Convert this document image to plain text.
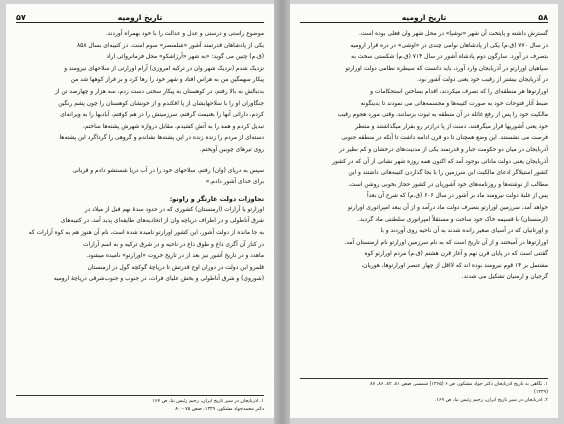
۵۸
تاریخ ارومیه
گسترش داشته و پایتخت آن شهر «توشپا» در محل شهر وان فعلی بوده است.
در سال ۷۷۰ (ق.م) یکی از پادشاهان نوامی چندی در «اوشی» در دره قرار ارومیه
بتصرف در آورد. سارگون دوم پادشاه آشور در سال ۷۱۴ (ق.م) شکستی سخت به
سپاهیان اورارتو در آذربایجان وارد آورد، باید دانست که سیطره نظامی دولت اورارتو
در آذربایجان بیشتر از رقیب خود یعنی دولت آشور بود.
اورارتوها هر منطقه‌ای را که تصرف میکردند، اقدام بساختن استحکامات و
ضبط آثار فتوحات خود به صورت کتیبه‌ها و مجسمه‌هائی می نمودند تا بدینگونه
مالکیت خود را پس از رفع غائله در آن منطقه به ثبوت برسانند، وقتی مورد هجوم رقیب
خود یعنی آشوریها قرار میگرفتند، دست از پا درازتر رو بفرار میگذاشتند و منتظر
فرصت می نشستند. این وضع همچنان تا دو قرن ادامه داشت تا آنکه در منطقه جنوبی
آذربایجان در میان دو حکومت جبار و قدرتمند یکی از مدنیت‌های درخشان و کم نظیر در
آذربایجان یعنی دولت مانائی بوجود آمد که اکنون همه روزه شهر نشانی از آن که در کشور
کشور استیلاگر ادعای مالکیت این سرزمین را با بجا گذاردن کتیبه‌هائی داشتند و این
مطالب از نوشته‌ها و روزنامه‌های خود آشوریان در کشور حجاز بخوبی روشن است.
پس از غلبهٔ دولت نیرومند ماد بر آشور در سال ۶۰۶ (ق.م) که شرح آن بعداً
خواهد آمد، سرزمین اورارتو بتصرف دولت ماد درآمد و از آن ببعد امپراتوری اورارتو
(ارمنستان) با قسیمه خاک خود ساخت و مستقلاً امپراتوری سلطنتی ماد گردید.
و اورتانیان که در آسیای صغیر رانده شدند به آن ناحیه روی آوردند و با
اورارتوها در آمیختند و از آن تاریخ است که به نام سرزمین اورارتو نام ارمنستان آمد.
گفتنی است که در پایان قرن نهم و آغاز قرن هشتم (ق.م) مردم اورارتو کوه
مشتمل بر ۱۴ قوم نیرومند بوده اند که لااقل از چهار عنصر اورارتوها، هوریان،
گرجیان و ارمنیان تشکیل می شدند.
۱. نگاهی به تاریخ آذربایجان دکتر جواد مشکور، ص ۶ (۱۳۶۵) شمسی صص ۸۱، ۸۲، ۸۶، ۸۷
(۱۳۴۹)
۲. آذربایجان در سیر تاریخ ایران، رحیم رئیس نیا، ص ۱۶۹.
تاریخ ارومیه
۵۷
موضوع راستی و درستی و عدل و عدالت را با خود بهمراه آوردند.
یکی از پادشاهان قدرتمند آشور «شلمنصر» سوم است. در کتیبه‌ای بسال ۸۵۸
(ق.م) چنین می گوید: «به شهر «آرزاشکو» محل فرمانروائی اراد
نزدیک شدم (نزدیک شهر وان در ترکیه امروزی) آرام اورارتی از سلاحهای نیرومند و
پیکار سهمگین من به هراس افتاد و شهر خود را رها کرد و بر فراز کوهها شد من
بدنبالش به بالا رفتم، در کوهستان به پیکار سختی دست زدم، سه هزار و چهارصد تن از
جنگاوران او را با سلاحهایشان از پا افکندم و از خونشان کوهستان را چون پشم رنگین
کردم، دارائی آنها را بغنیمت گرفتم، سرزمینش را در هم کوفتم، آبادیها را به ویرانه‌ای
تبدیل کردم و همه را به آتش کشیدم، مقابل دروازه شهرش پشته‌ها ساختم،
دسته‌ای از مردم را زنده زنده در این پشته‌ها نشاندم و گروهی را گرداگرد این پشته‌ها
روی تیرهای چوبین آویختم.
سپس به دریای (وان) رفتم، سلاحهای خود را در آب دریا شستشو دادم و قربانی
برای خدای آشور دادم.»
تجاوزات دولت غارتگر و زاوتو:
اورارتو یا آرارات (ارمنستان) کشوری که در حدود سدهٔ نهم قبل از میلاد در
شرق آناطولی و در اطراف دریاچه وان از اتحادیه‌های طایفه‌ای پدید آمد، در کتیبه‌های
به جا مانده از دولت آشور، این کشور اورارتو نامیده شده است، نام آن هنوز هم به کوه آرارات که
در کنار آن آگری داغ و طوق داغ در ناحیه و در شرق ترکیه و به اسم آرارات
ماهدد و در تاریخ آشور نیز بعد از در تاریخ خروت «اورارتو» نامیده میشود.
قلمرو این دولت در دوران اوج قدرتش تا دریاچهٔ گوکچه گول در ارمنستان
(شوروی) و شرق آناطولی و بخش علیای فرات، در جنوب و جنوب‌شرقی دریاچهٔ ارومیه
۱. آذربایجان در سیر تاریخ ایران، رحیم رئیس نیا، ص ۱۶۷
دکتر محمدجواد مشکور، ۱۳۴۹، صص ۷۵ - ۸۰
